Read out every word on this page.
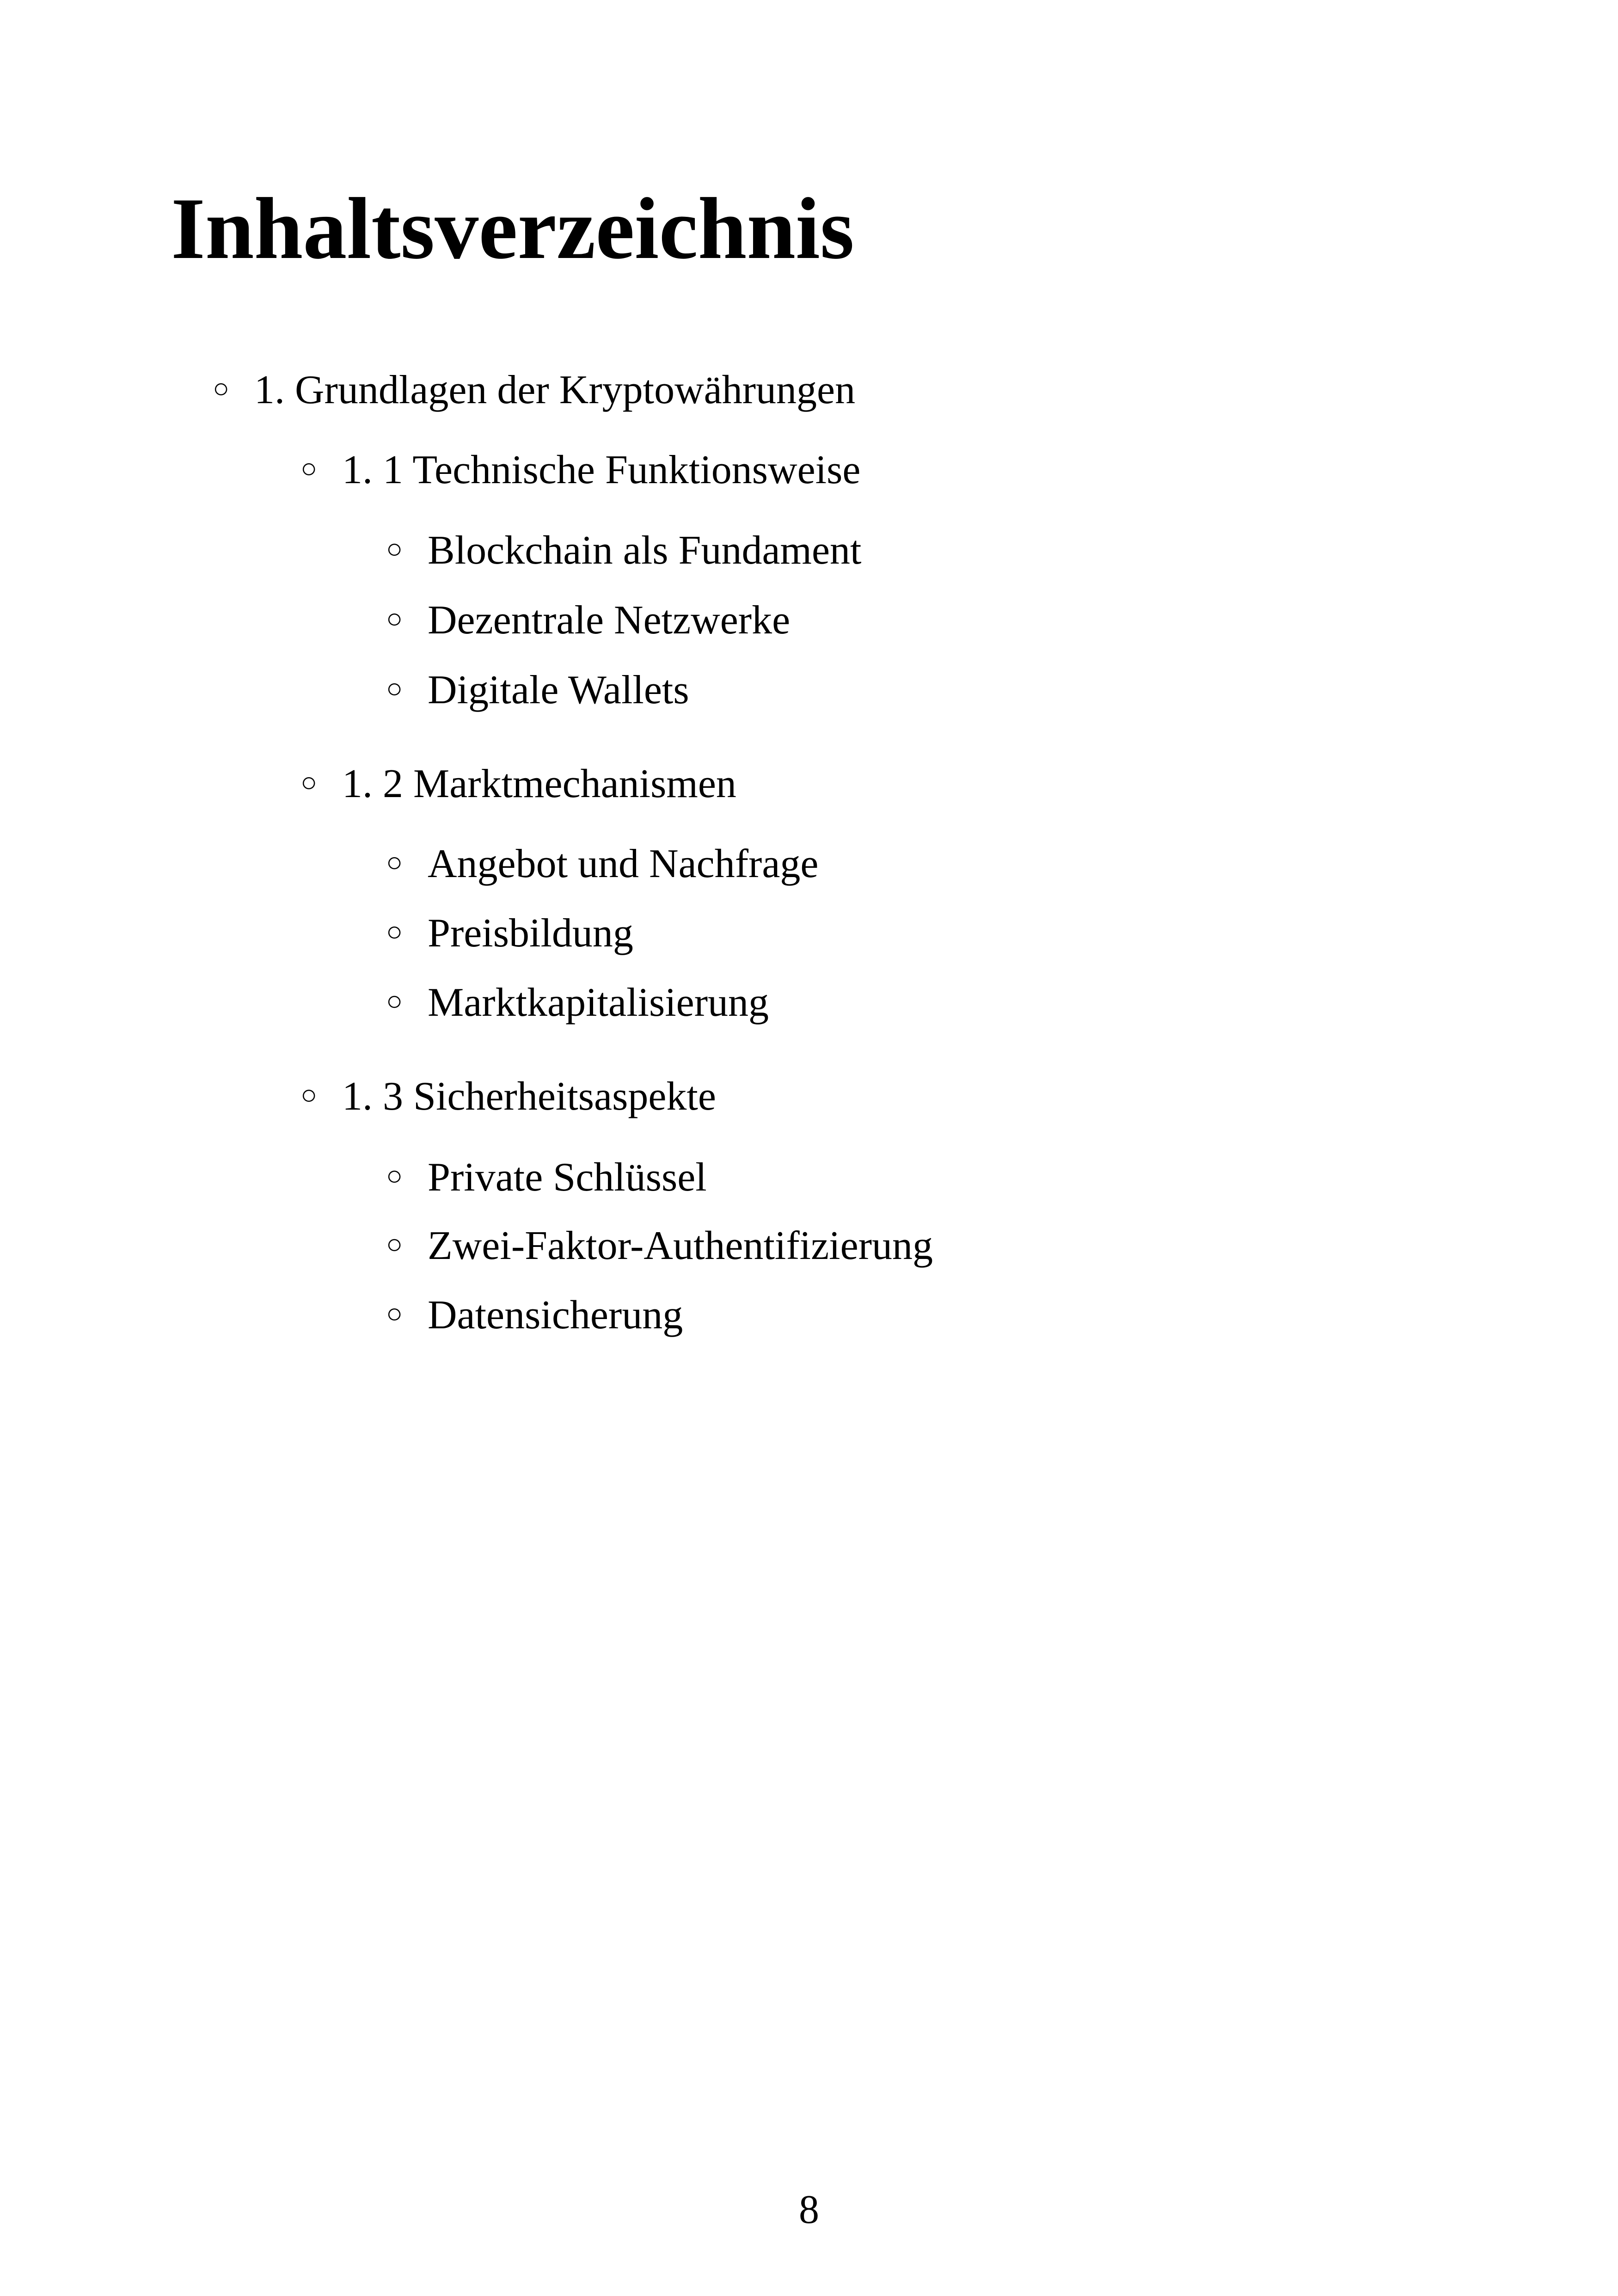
Inhaltsverzeichnis
○ 1. Grundlagen der Kryptowährungen
○ 1. 1 Technische Funktionsweise
○ Blockchain als Fundament
○ Dezentrale Netzwerke
○ Digitale Wallets
○ 1. 2 Marktmechanismen
○ Angebot und Nachfrage
○ Preisbildung
○ Marktkapitalisierung
○ 1. 3 Sicherheitsaspekte
○ Private Schlüssel
○ Zwei-Faktor-Authentifizierung
○ Datensicherung
8
